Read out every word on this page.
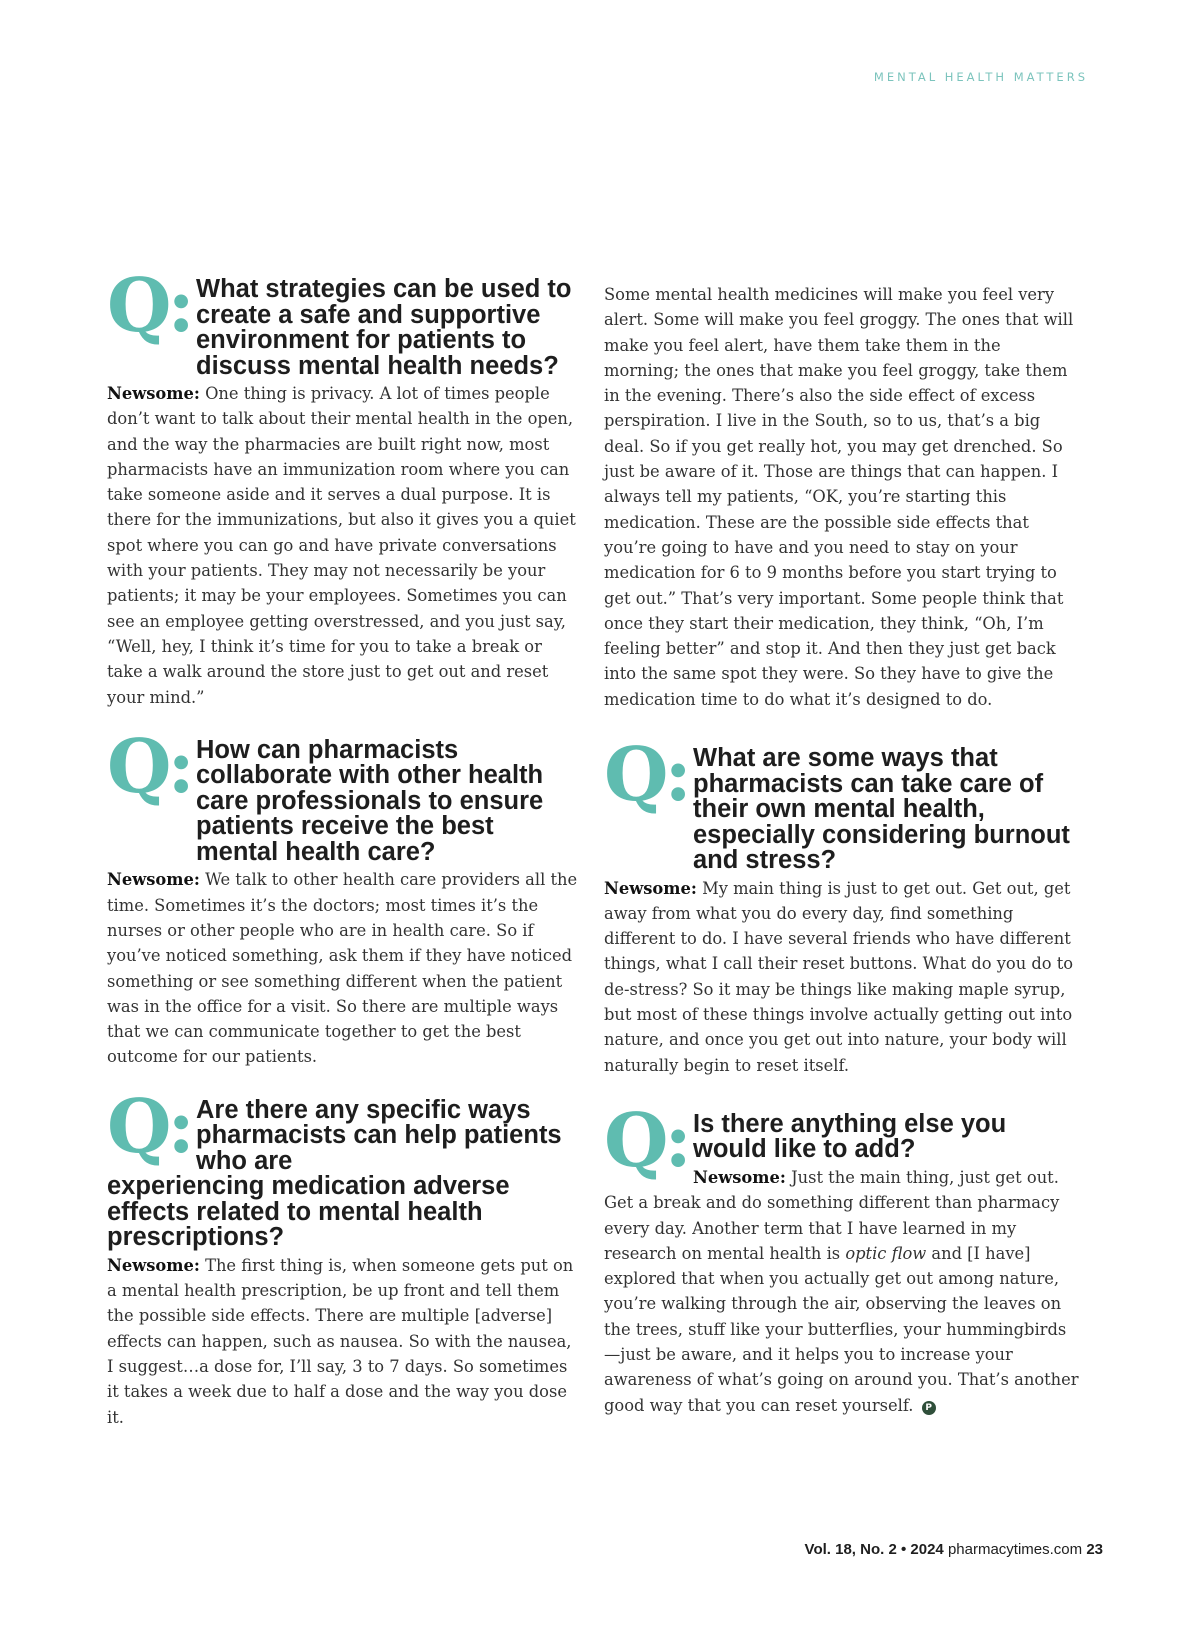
MENTAL HEALTH MATTERS
Q: What strategies can be used to create a safe and supportive environment for patients to discuss mental health needs?

Newsome: One thing is privacy. A lot of times people don’t want to talk about their mental health in the open, and the way the pharmacies are built right now, most pharmacists have an immunization room where you can take someone aside and it serves a dual purpose. It is there for the immunizations, but also it gives you a quiet spot where you can go and have private conversations with your patients. They may not necessarily be your patients; it may be your employees. Sometimes you can see an employee getting overstressed, and you just say, “Well, hey, I think it’s time for you to take a break or take a walk around the store just to get out and reset your mind.”

Q: How can pharmacists collaborate with other health care professionals to ensure patients receive the best mental health care?

Newsome: We talk to other health care providers all the time. Sometimes it’s the doctors; most times it’s the nurses or other people who are in health care. So if you’ve noticed something, ask them if they have noticed something or see something different when the patient was in the office for a visit. So there are multiple ways that we can communicate together to get the best outcome for our patients.

Q: Are there any specific ways pharmacists can help patients who are
experiencing medication adverse effects related to mental health prescriptions?

Newsome: The first thing is, when someone gets put on a mental health prescription, be up front and tell them the possible side effects. There are multiple [adverse] effects can happen, such as nausea. So with the nausea, I suggest…a dose for, I’ll say, 3 to 7 days. So sometimes it takes a week due to half a dose and the way you dose it.

Some mental health medicines will make you feel very alert. Some will make you feel groggy. The ones that will make you feel alert, have them take them in the morning; the ones that make you feel groggy, take them in the evening. There’s also the side effect of excess perspiration. I live in the South, so to us, that’s a big deal. So if you get really hot, you may get drenched. So just be aware of it. Those are things that can happen. I always tell my patients, “OK, you’re starting this medication. These are the possible side effects that you’re going to have and you need to stay on your medication for 6 to 9 months before you start trying to get out.” That’s very important. Some people think that once they start their medication, they think, “Oh, I’m feeling better” and stop it. And then they just get back into the same spot they were. So they have to give the medication time to do what it’s designed to do.

Q: What are some ways that pharmacists can take care of their own mental health, especially considering burnout and stress?

Newsome: My main thing is just to get out. Get out, get away from what you do every day, find something different to do. I have several friends who have different things, what I call their reset buttons. What do you do to de-stress? So it may be things like making maple syrup, but most of these things involve actually getting out into nature, and once you get out into nature, your body will naturally begin to reset itself.

Q: Is there anything else you would like to add?

Newsome: Just the main thing, just get out. Get a break and do something different than pharmacy every day. Another term that I have learned in my research on mental health is optic flow and [I have] explored that when you actually get out among nature, you’re walking through the air, observing the leaves on the trees, stuff like your butterflies, your hummingbirds—just be aware, and it helps you to increase your awareness of what’s going on around you. That’s another good way that you can reset yourself. P

Vol. 18, No. 2 • 2024 pharmacytimes.com 23
